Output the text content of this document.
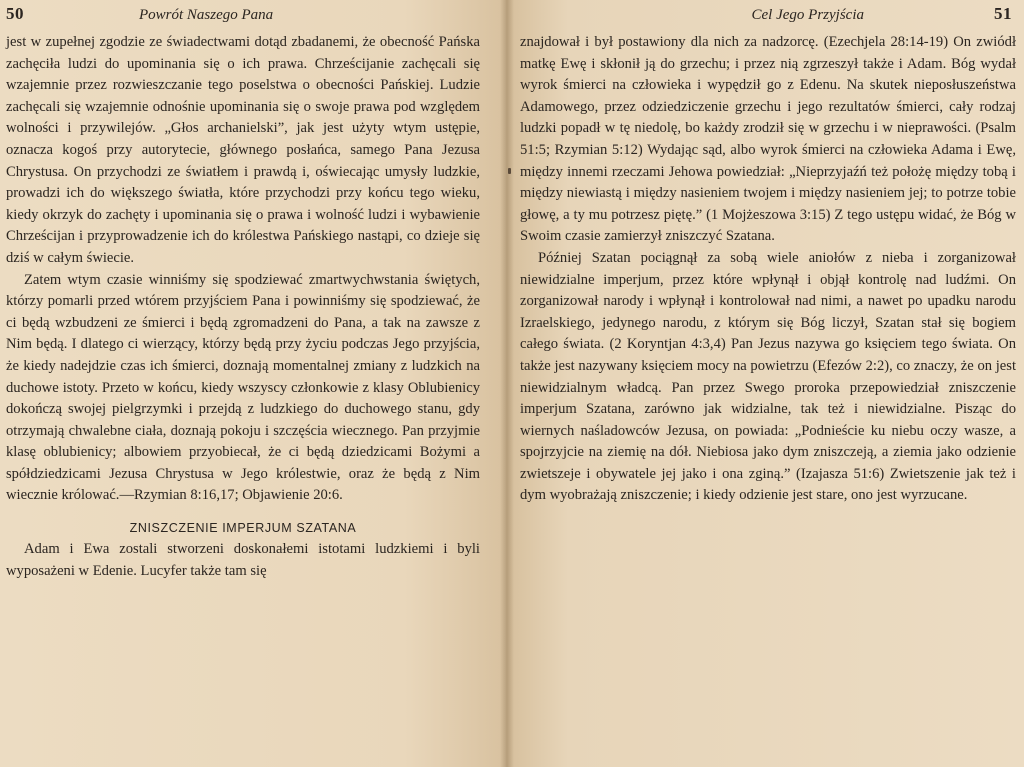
50	Powrót Naszego Pana

jest w zupełnej zgodzie ze świadectwami dotąd zbadanemi, że obecność Pańska zachęciła ludzi do upominania się o ich prawa. Chrześcijanie zachęcali się wzajemnie przez rozwieszczanie tego poselstwa o obecności Pańskiej. Ludzie zachęcali się wzajemnie odnośnie upominania się o swoje prawa pod względem wolności i przywilejów. „Głos archanielski”, jak jest użyty wtym ustępie, oznacza kogoś przy autorytecie, głównego posłańca, samego Pana Jezusa Chrystusa. On przychodzi ze światłem i prawdą i, oświecając umysły ludzkie, prowadzi ich do większego światła, które przychodzi przy końcu tego wieku, kiedy okrzyk do zachęty i upominania się o prawa i wolność ludzi i wybawienie Chrześcijan i przyprowadzenie ich do królestwa Pańskiego nastąpi, co dzieje się dziś w całym świecie.

Zatem wtym czasie winniśmy się spodziewać zmartwychwstania świętych, którzy pomarli przed wtórem przyjściem Pana i powinniśmy się spodziewać, że ci będą wzbudzeni ze śmierci i będą zgromadzeni do Pana, a tak na zawsze z Nim będą. I dlatego ci wierzący, którzy będą przy życiu podczas Jego przyjścia, że kiedy nadejdzie czas ich śmierci, doznają momentalnej zmiany z ludzkich na duchowe istoty. Przeto w końcu, kiedy wszyscy członkowie z klasy Oblubienicy dokończą swojej pielgrzymki i przejdą z ludzkiego do duchowego stanu, gdy otrzymają chwalebne ciała, doznają pokoju i szczęścia wiecznego. Pan przyjmie klasę oblubienicy; albowiem przyobiecał, że ci będą dziedzicami Bożymi a spółdziedzicami Jezusa Chrystusa w Jego królestwie, oraz że będą z Nim wiecznie królować.—Rzymian 8:16,17; Objawienie 20:6.

ZNISZCZENIE IMPERJUM SZATANA

Adam i Ewa zostali stworzeni doskonałemi istotami ludzkiemi i byli wyposażeni w Edenie. Lucyfer także tam się

Cel Jego Przyjścia	51

znajdował i był postawiony dla nich za nadzorcę. (Ezechjela 28:14-19) On zwiódł matkę Ewę i skłonił ją do grzechu; i przez nią zgrzeszył także i Adam. Bóg wydał wyrok śmierci na człowieka i wypędził go z Edenu. Na skutek nieposłuszeństwa Adamowego, przez odziedziczenie grzechu i jego rezultatów śmierci, cały rodzaj ludzki popadł w tę niedolę, bo każdy zrodził się w grzechu i w nieprawości. (Psalm 51:5; Rzymian 5:12) Wydając sąd, albo wyrok śmierci na człowieka Adama i Ewę, między innemi rzeczami Jehowa powiedział: „Nieprzyjaźń też położę między tobą i między niewiastą i między nasieniem twojem i między nasieniem jej; to potrze tobie głowę, a ty mu potrzesz piętę.” (1 Mojżeszowa 3:15) Z tego ustępu widać, że Bóg w Swoim czasie zamierzył zniszczyć Szatana.

Później Szatan pociągnął za sobą wiele aniołów z nieba i zorganizował niewidzialne imperjum, przez które wpłynął i objął kontrolę nad ludźmi. On zorganizował narody i wpłynął i kontrolował nad nimi, a nawet po upadku narodu Izraelskiego, jedynego narodu, z którym się Bóg liczył, Szatan stał się bogiem całego świata. (2 Koryntjan 4:3,4) Pan Jezus nazywa go księciem tego świata. On także jest nazywany księciem mocy na powietrzu (Efezów 2:2), co znaczy, że on jest niewidzialnym władcą. Pan przez Swego proroka przepowiedział zniszczenie imperjum Szatana, zarówno jak widzialne, tak też i niewidzialne. Pisząc do wiernych naśladowców Jezusa, on powiada: „Podnieście ku niebu oczy wasze, a spojrzyjcie na ziemię na dół. Niebiosa jako dym zniszczeją, a ziemia jako odzienie zwietszeje i obywatele jej jako i ona zginą.” (Izajasza 51:6) Zwietszenie jak też i dym wyobrażają zniszczenie; i kiedy odzienie jest stare, ono jest wyrzucane.
